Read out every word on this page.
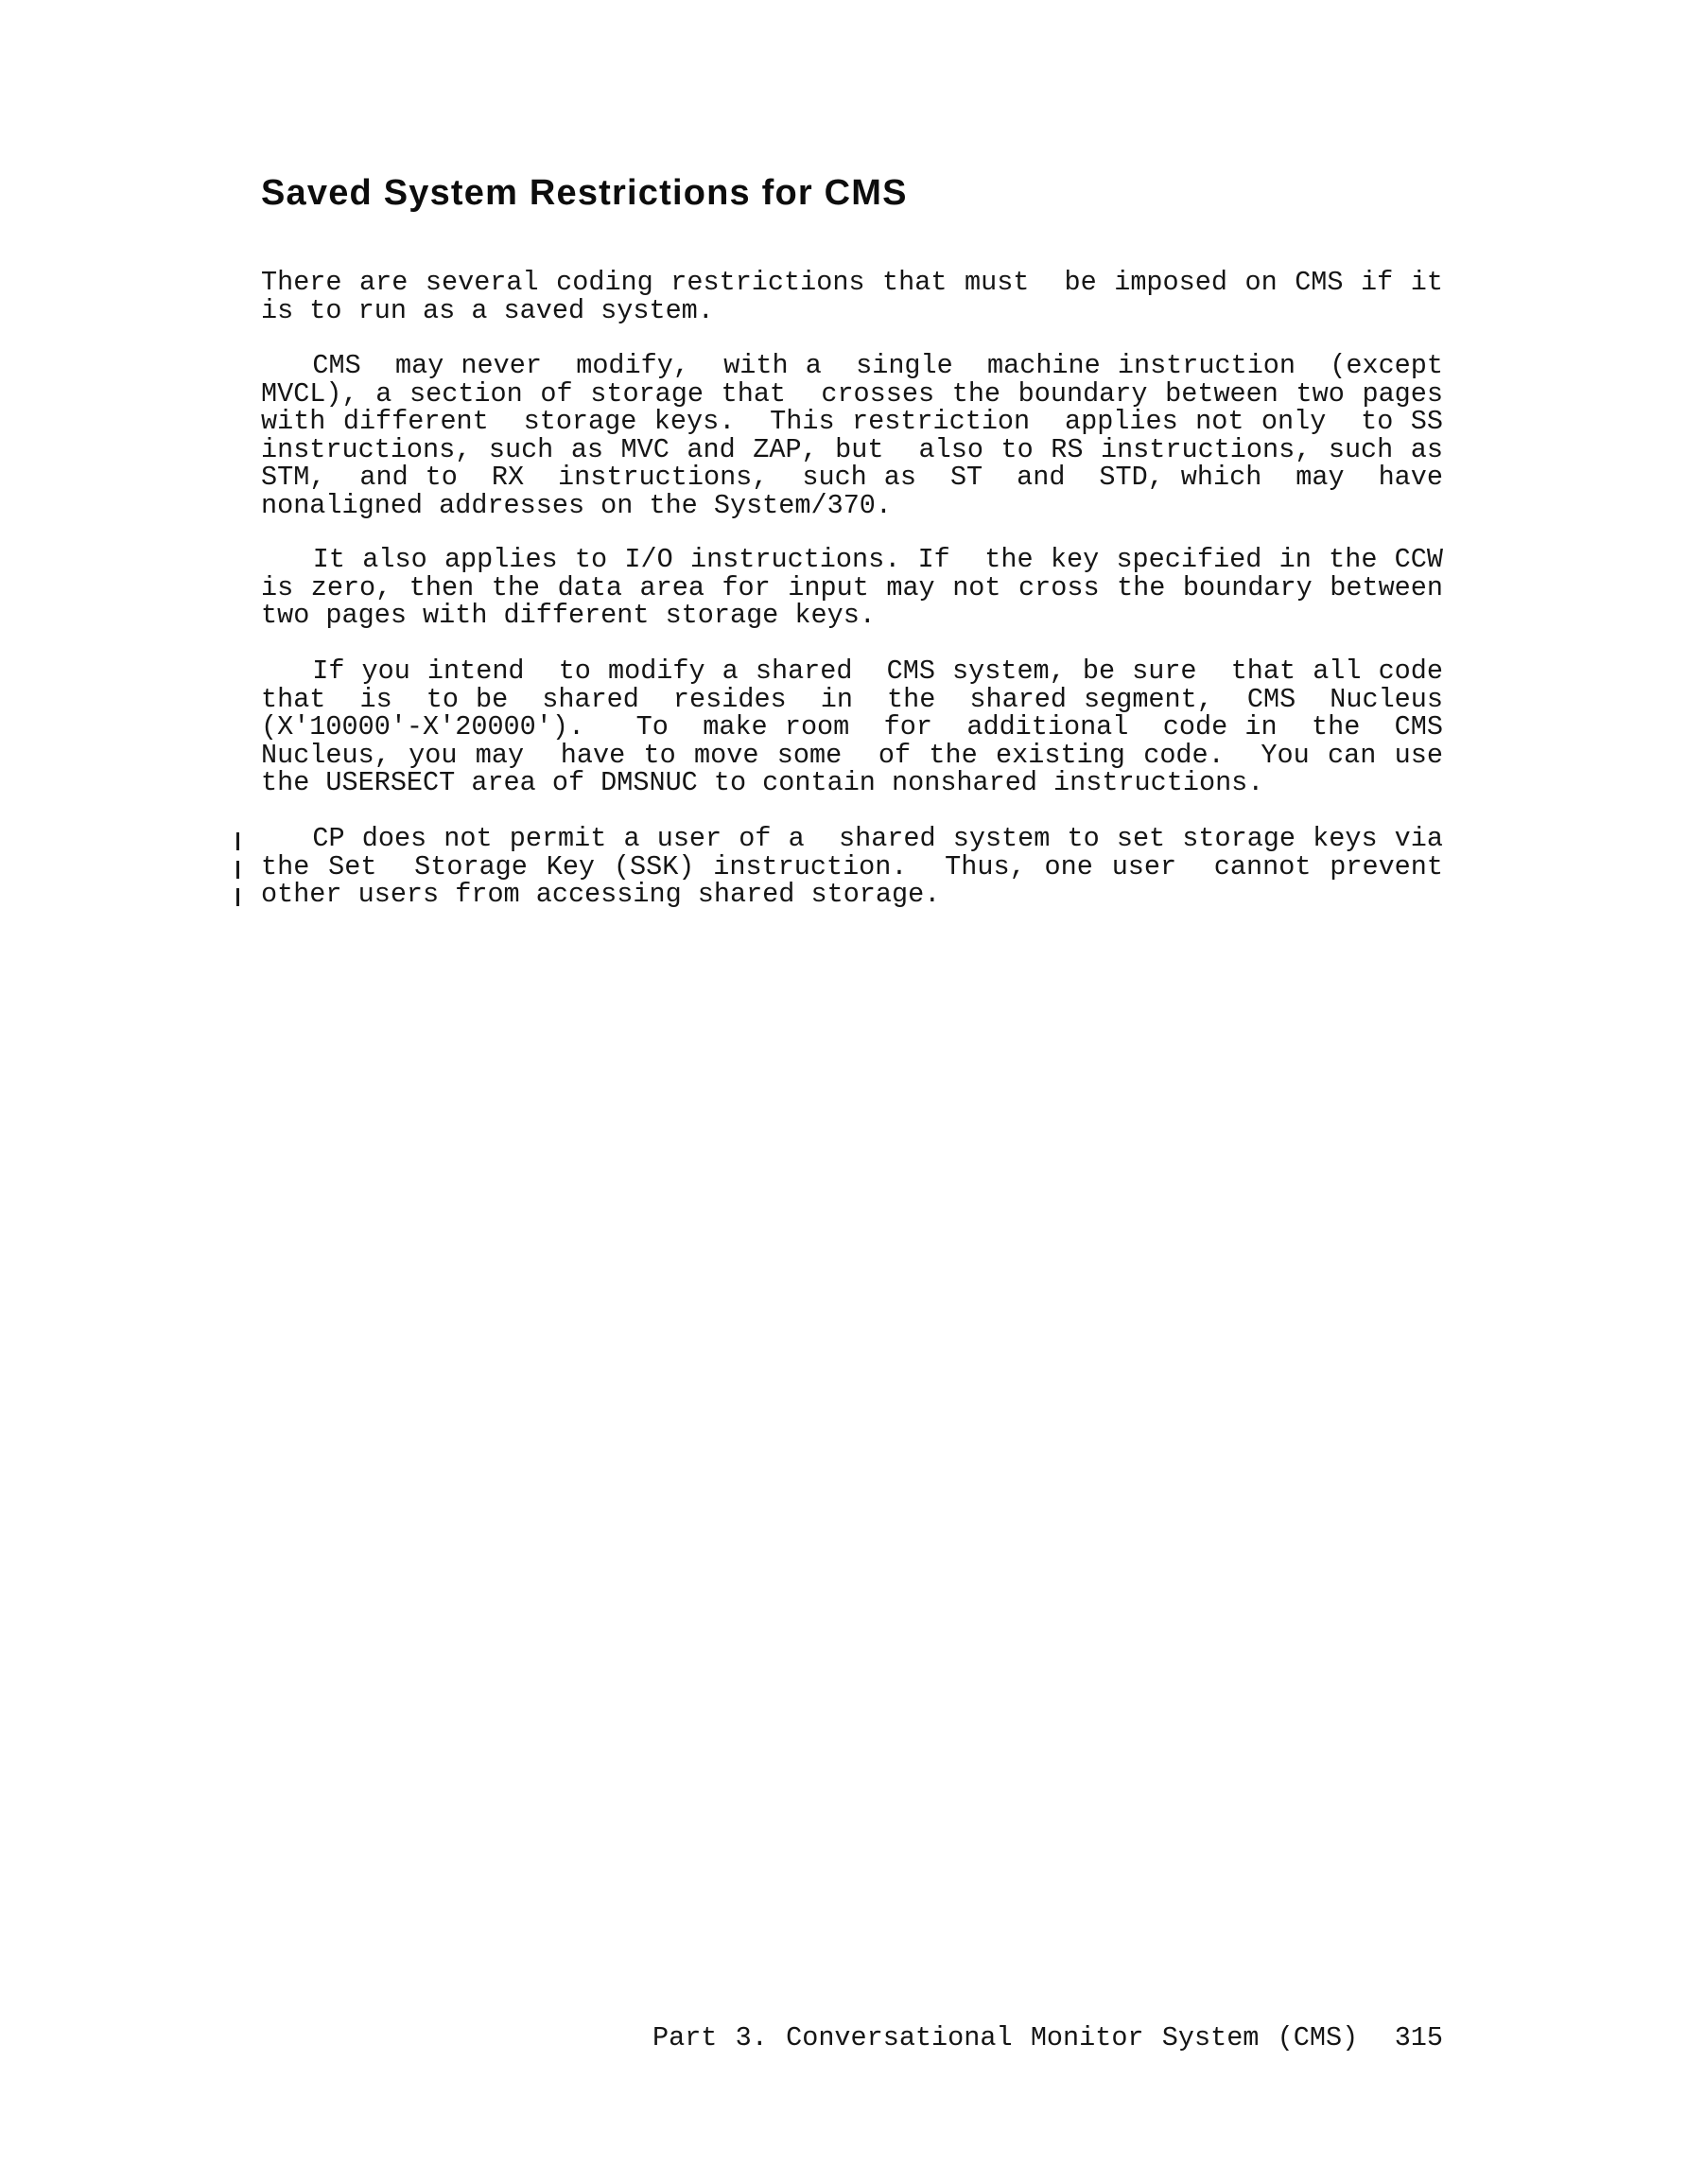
Saved System Restrictions for CMS
There are several coding restrictions that must  be imposed on CMS if it
is to run as a saved system.
CMS  may never  modify,  with a  single  machine instruction  (except
MVCL), a section of storage that  crosses the boundary between two pages
with different  storage keys.  This restriction  applies not only  to SS
instructions, such as MVC and ZAP, but  also to RS instructions, such as
STM,  and to  RX  instructions,  such as  ST  and  STD, which  may  have
nonaligned addresses on the System/370.
It also applies to I/O instructions. If  the key specified in the CCW
is zero, then the data area for input may not cross the boundary between
two pages with different storage keys.
If you intend  to modify a shared  CMS system, be sure  that all code
that  is  to be  shared  resides  in  the  shared segment,  CMS  Nucleus
(X'10000'-X'20000').   To  make room  for  additional  code in  the  CMS
Nucleus, you may  have to move some  of the existing code.  You can use
the USERSECT area of DMSNUC to contain nonshared instructions.
CP does not permit a user of a  shared system to set storage keys via
the Set  Storage Key (SSK) instruction.  Thus, one user  cannot prevent
other users from accessing shared storage.
Part 3. Conversational Monitor System (CMS)  315
